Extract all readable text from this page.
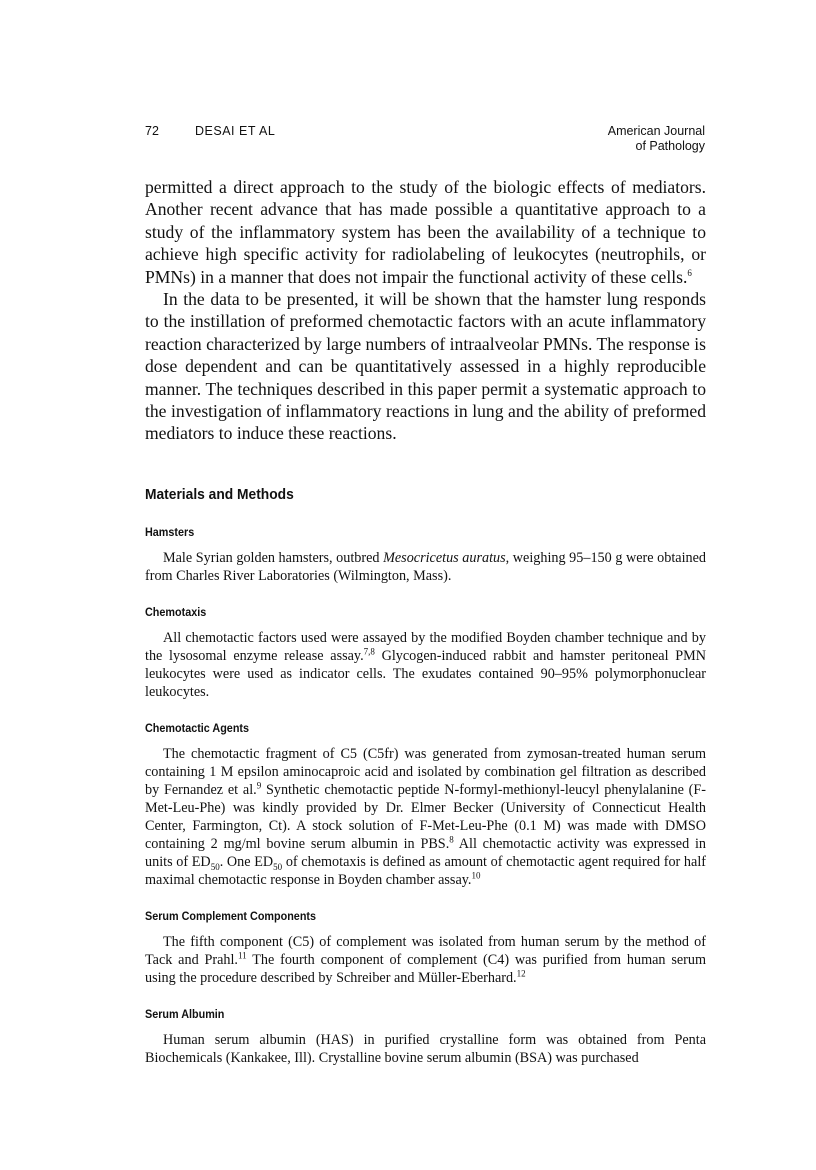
72	DESAI ET AL	American Journal
of Pathology

permitted a direct approach to the study of the biologic effects of mediators. Another recent advance that has made possible a quantitative approach to a study of the inflammatory system has been the availability of a technique to achieve high specific activity for radiolabeling of leukocytes (neutrophils, or PMNs) in a manner that does not impair the functional activity of these cells.$^6$

In the data to be presented, it will be shown that the hamster lung responds to the instillation of preformed chemotactic factors with an acute inflammatory reaction characterized by large numbers of intraalveolar PMNs. The response is dose dependent and can be quantitatively assessed in a highly reproducible manner. The techniques described in this paper permit a systematic approach to the investigation of inflammatory reactions in lung and the ability of preformed mediators to induce these reactions.

Materials and Methods
Hamsters

Male Syrian golden hamsters, outbred Mesocricetus auratus, weighing 95–150 g were obtained from Charles River Laboratories (Wilmington, Mass).

Chemotaxis

All chemotactic factors used were assayed by the modified Boyden chamber technique and by the lysosomal enzyme release assay.$^{7,8}$ Glycogen-induced rabbit and hamster peritoneal PMN leukocytes were used as indicator cells. The exudates contained 90–95% polymorphonuclear leukocytes.

Chemotactic Agents

The chemotactic fragment of C5 (C5fr) was generated from zymosan-treated human serum containing 1 M epsilon aminocaproic acid and isolated by combination gel filtration as described by Fernandez et al.$^9$ Synthetic chemotactic peptide N-formyl-methionyl-leucyl phenylalanine (F-Met-Leu-Phe) was kindly provided by Dr. Elmer Becker (University of Connecticut Health Center, Farmington, Ct). A stock solution of F-Met-Leu-Phe (0.1 M) was made with DMSO containing 2 mg/ml bovine serum albumin in PBS.$^8$ All chemotactic activity was expressed in units of $ED_{50}$. One $ED_{50}$ of chemotaxis is defined as amount of chemotactic agent required for half maximal chemotactic response in Boyden chamber assay.$^{10}$

Serum Complement Components

The fifth component (C5) of complement was isolated from human serum by the method of Tack and Prahl.$^{11}$ The fourth component of complement (C4) was purified from human serum using the procedure described by Schreiber and Müller-Eberhard.$^{12}$

Serum Albumin

Human serum albumin (HAS) in purified crystalline form was obtained from Penta Biochemicals (Kankakee, Ill). Crystalline bovine serum albumin (BSA) was purchased
